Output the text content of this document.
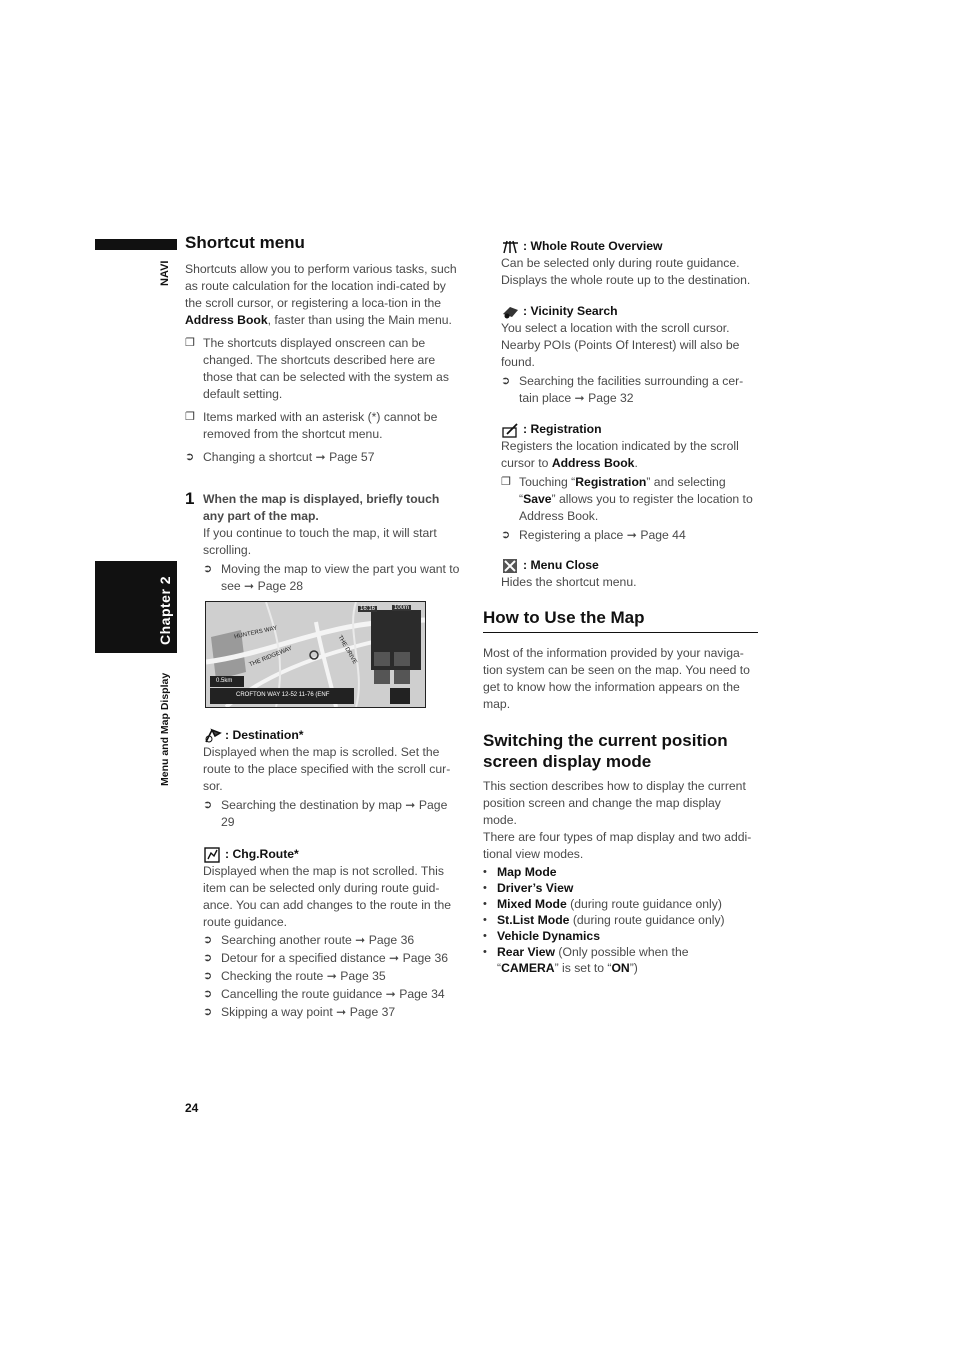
NAVI
Chapter 2
Menu and Map Display
Shortcut menu
Shortcuts allow you to perform various tasks, such as route calculation for the location indi-cated by the scroll cursor, or registering a loca-tion in the Address Book, faster than using the Main menu.
❐ The shortcuts displayed onscreen can be changed. The shortcuts described here are those that can be selected with the system as default setting.
❐ Items marked with an asterisk (*) cannot be removed from the shortcut menu.
➲ Changing a shortcut ➞ Page 57
1 When the map is displayed, briefly touch any part of the map.
If you continue to touch the map, it will start scrolling.
➲ Moving the map to view the part you want to see ➞ Page 28
HUNTERS WAY
THE RIDGEWAY	THE DRIVE
16:16	100m
0.5km
CROFTON WAY 12-52 11-76 (ENF
: Destination*
Displayed when the map is scrolled. Set the route to the place specified with the scroll cur-sor.
➲ Searching the destination by map ➞ Page 29
: Chg.Route*
Displayed when the map is not scrolled. This item can be selected only during route guid-ance. You can add changes to the route in the route guidance.
➲ Searching another route ➞ Page 36
➲ Detour for a specified distance ➞ Page 36
➲ Checking the route ➞ Page 35
➲ Cancelling the route guidance ➞ Page 34
➲ Skipping a way point ➞ Page 37
24
: Whole Route Overview
Can be selected only during route guidance. Displays the whole route up to the destination.
: Vicinity Search
You select a location with the scroll cursor. Nearby POIs (Points Of Interest) will also be found.
➲ Searching the facilities surrounding a cer-tain place ➞ Page 32
: Registration
Registers the location indicated by the scroll cursor to Address Book.
❐ Touching “Registration” and selecting “Save” allows you to register the location to Address Book.
➲ Registering a place ➞ Page 44
: Menu Close
Hides the shortcut menu.
How to Use the Map
Most of the information provided by your naviga-tion system can be seen on the map. You need to get to know how the information appears on the map.
Switching the current position screen display mode
This section describes how to display the current position screen and change the map display mode.
There are four types of map display and two addi-tional view modes.
• Map Mode
• Driver’s View
• Mixed Mode (during route guidance only)
• St.List Mode (during route guidance only)
• Vehicle Dynamics
• Rear View (Only possible when the
“CAMERA” is set to “ON”)
